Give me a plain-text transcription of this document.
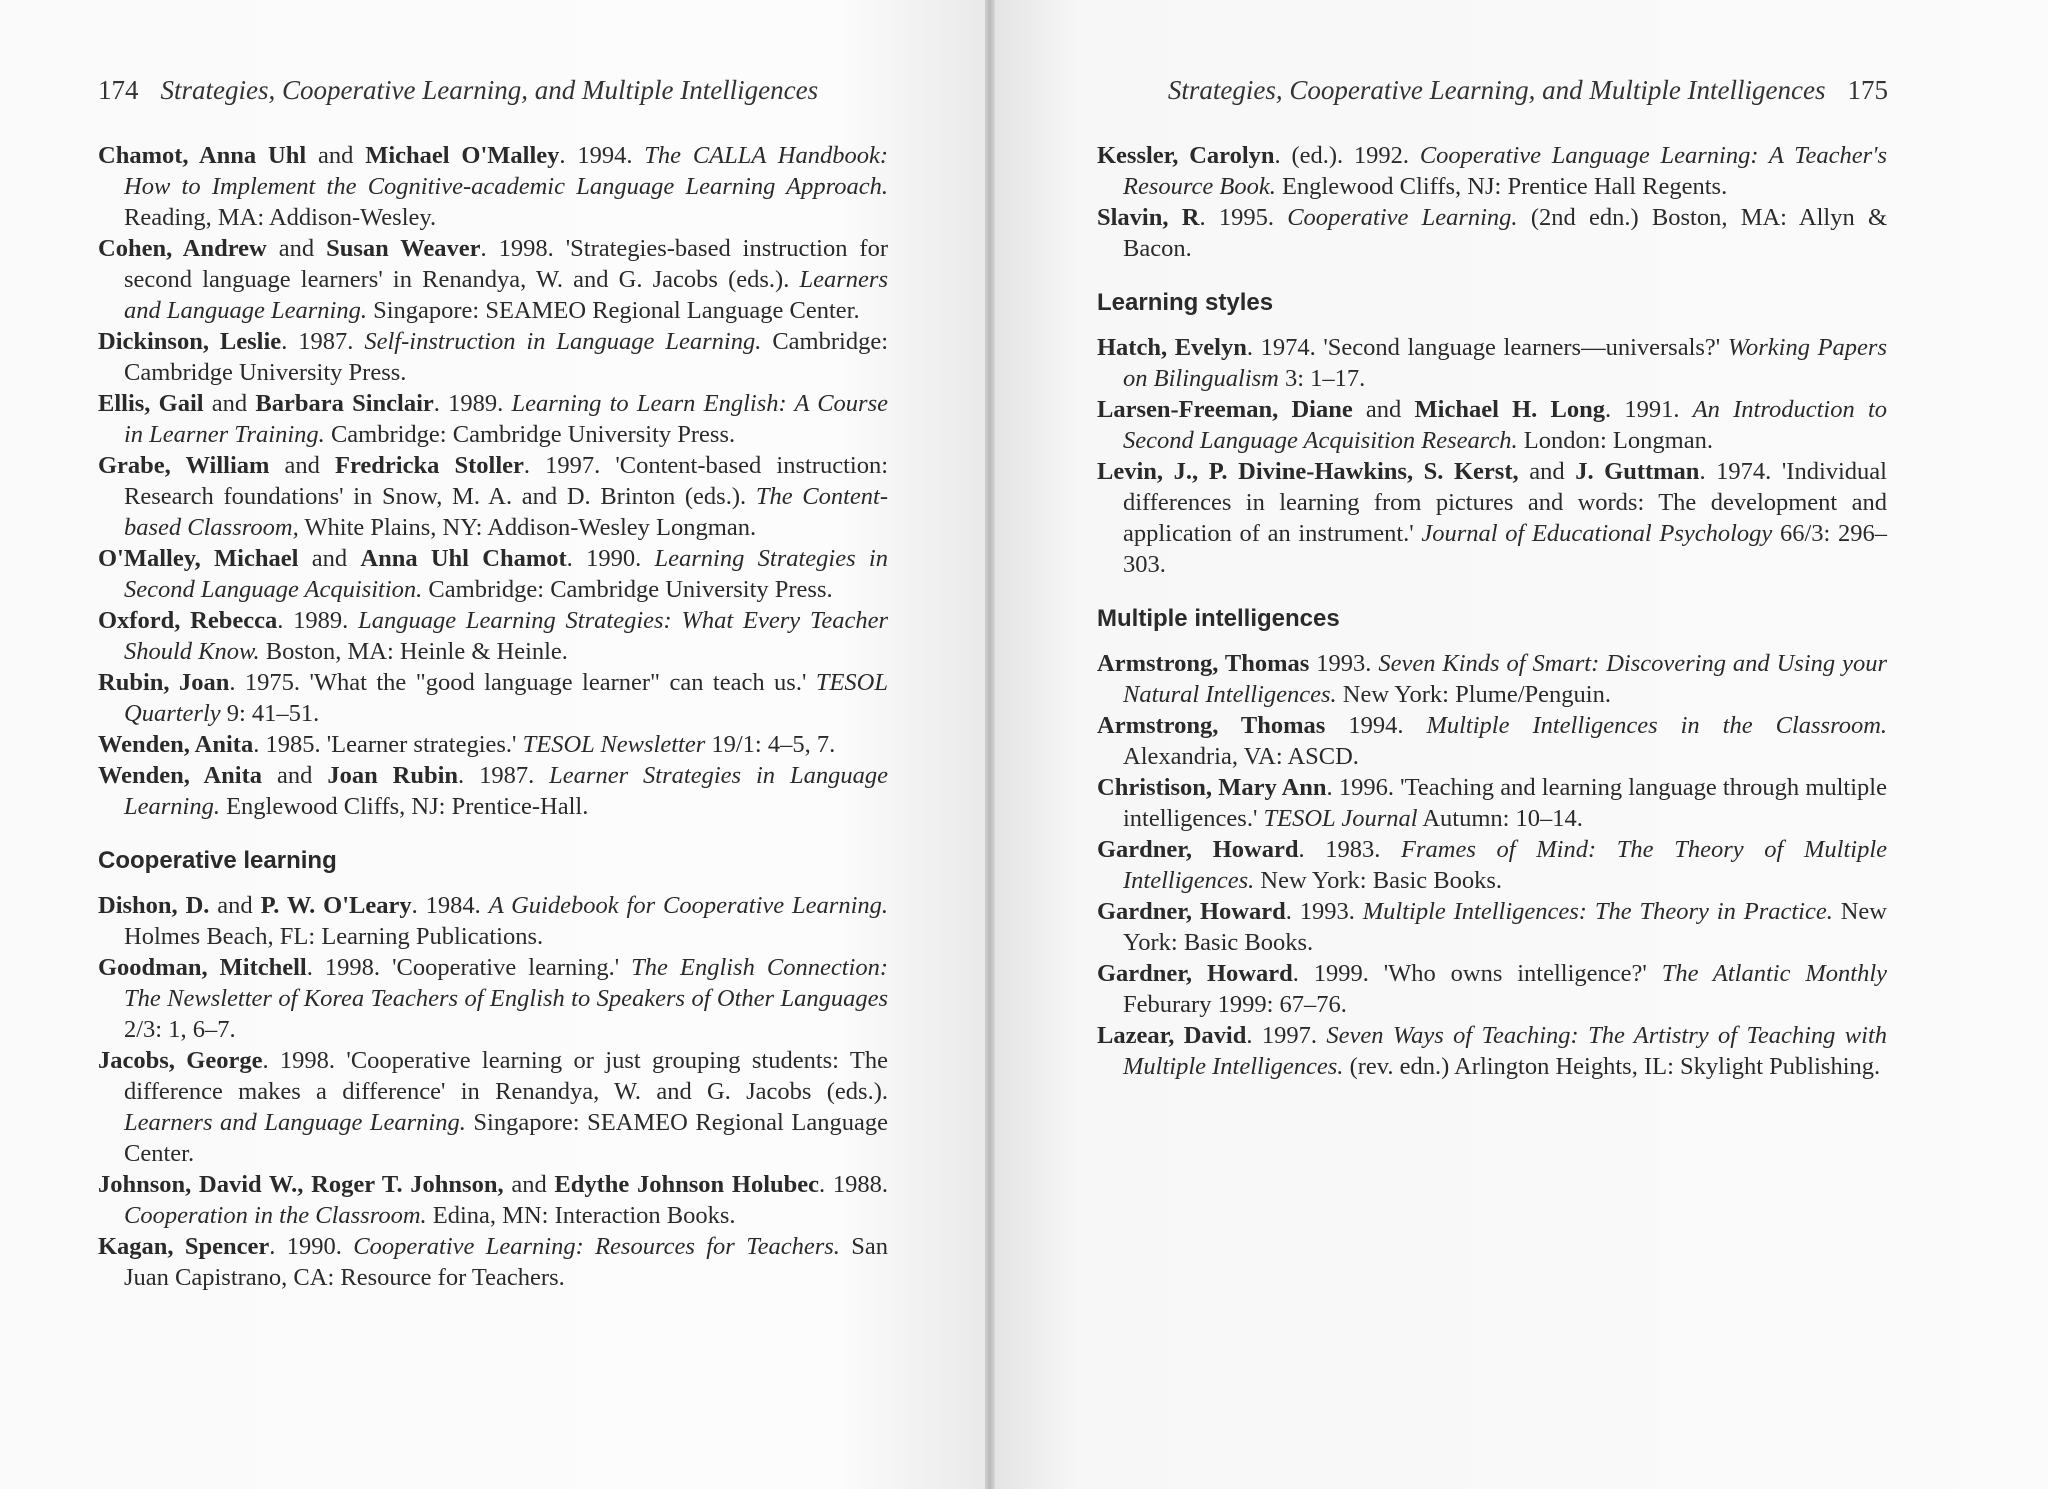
174 Strategies, Cooperative Learning, and Multiple Intelligences

Chamot, Anna Uhl and Michael O'Malley. 1994. The CALLA Handbook: How to Implement the Cognitive-academic Language Learning Approach. Reading, MA: Addison-Wesley.

Cohen, Andrew and Susan Weaver. 1998. 'Strategies-based instruction for second language learners' in Renandya, W. and G. Jacobs (eds.). Learners and Language Learning. Singapore: SEAMEO Regional Language Center.

Dickinson, Leslie. 1987. Self-instruction in Language Learning. Cambridge: Cambridge University Press.

Ellis, Gail and Barbara Sinclair. 1989. Learning to Learn English: A Course in Learner Training. Cambridge: Cambridge University Press.

Grabe, William and Fredricka Stoller. 1997. 'Content-based instruction: Research foundations' in Snow, M. A. and D. Brinton (eds.). The Content-based Classroom, White Plains, NY: Addison-Wesley Longman.

O'Malley, Michael and Anna Uhl Chamot. 1990. Learning Strategies in Second Language Acquisition. Cambridge: Cambridge University Press.

Oxford, Rebecca. 1989. Language Learning Strategies: What Every Teacher Should Know. Boston, MA: Heinle & Heinle.

Rubin, Joan. 1975. 'What the "good language learner" can teach us.' TESOL Quarterly 9: 41–51.

Wenden, Anita. 1985. 'Learner strategies.' TESOL Newsletter 19/1: 4–5, 7.

Wenden, Anita and Joan Rubin. 1987. Learner Strategies in Language Learning. Englewood Cliffs, NJ: Prentice-Hall.

Cooperative learning

Dishon, D. and P. W. O'Leary. 1984. A Guidebook for Cooperative Learning. Holmes Beach, FL: Learning Publications.

Goodman, Mitchell. 1998. 'Cooperative learning.' The English Connection: The Newsletter of Korea Teachers of English to Speakers of Other Languages 2/3: 1, 6–7.

Jacobs, George. 1998. 'Cooperative learning or just grouping students: The difference makes a difference' in Renandya, W. and G. Jacobs (eds.). Learners and Language Learning. Singapore: SEAMEO Regional Language Center.

Johnson, David W., Roger T. Johnson, and Edythe Johnson Holubec. 1988. Cooperation in the Classroom. Edina, MN: Interaction Books.

Kagan, Spencer. 1990. Cooperative Learning: Resources for Teachers. San Juan Capistrano, CA: Resource for Teachers.

Strategies, Cooperative Learning, and Multiple Intelligences 175

Kessler, Carolyn. (ed.). 1992. Cooperative Language Learning: A Teacher's Resource Book. Englewood Cliffs, NJ: Prentice Hall Regents.

Slavin, R. 1995. Cooperative Learning. (2nd edn.) Boston, MA: Allyn & Bacon.

Learning styles

Hatch, Evelyn. 1974. 'Second language learners—universals?' Working Papers on Bilingualism 3: 1–17.

Larsen-Freeman, Diane and Michael H. Long. 1991. An Introduction to Second Language Acquisition Research. London: Longman.

Levin, J., P. Divine-Hawkins, S. Kerst, and J. Guttman. 1974. 'Individual differences in learning from pictures and words: The development and application of an instrument.' Journal of Educational Psychology 66/3: 296–303.

Multiple intelligences

Armstrong, Thomas 1993. Seven Kinds of Smart: Discovering and Using your Natural Intelligences. New York: Plume/Penguin.

Armstrong, Thomas 1994. Multiple Intelligences in the Classroom. Alexandria, VA: ASCD.

Christison, Mary Ann. 1996. 'Teaching and learning language through multiple intelligences.' TESOL Journal Autumn: 10–14.

Gardner, Howard. 1983. Frames of Mind: The Theory of Multiple Intelligences. New York: Basic Books.

Gardner, Howard. 1993. Multiple Intelligences: The Theory in Practice. New York: Basic Books.

Gardner, Howard. 1999. 'Who owns intelligence?' The Atlantic Monthly Feburary 1999: 67–76.

Lazear, David. 1997. Seven Ways of Teaching: The Artistry of Teaching with Multiple Intelligences. (rev. edn.) Arlington Heights, IL: Skylight Publishing.
